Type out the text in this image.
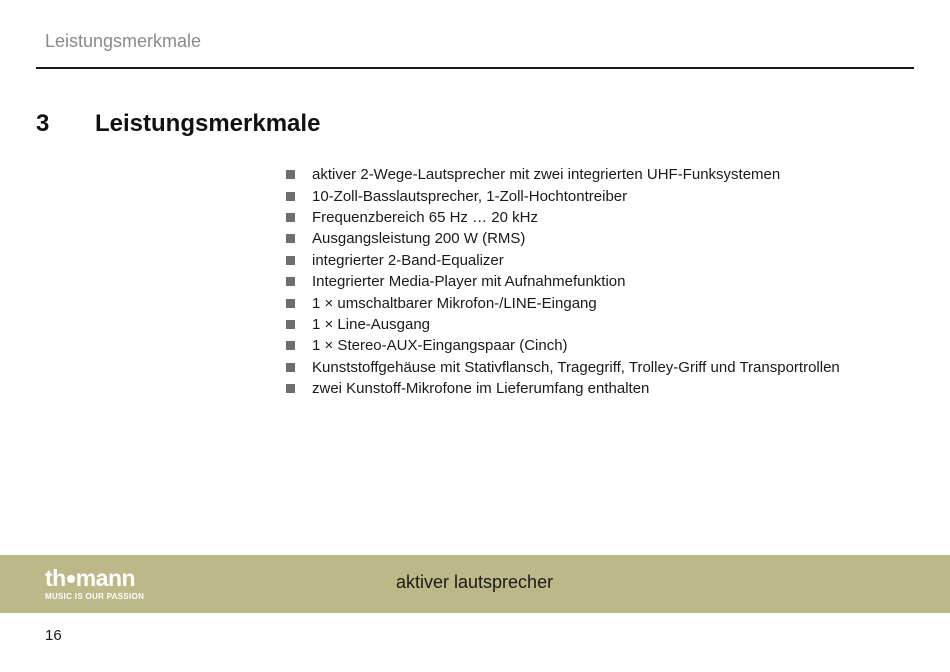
Leistungsmerkmale
3 Leistungsmerkmale
aktiver 2-Wege-Lautsprecher mit zwei integrierten UHF-Funksystemen
10-Zoll-Basslautsprecher, 1-Zoll-Hochtontreiber
Frequenzbereich 65 Hz … 20 kHz
Ausgangsleistung 200 W (RMS)
integrierter 2-Band-Equalizer
Integrierter Media-Player mit Aufnahmefunktion
1 × umschaltbarer Mikrofon-/LINE-Eingang
1 × Line-Ausgang
1 × Stereo-AUX-Eingangspaar (Cinch)
Kunststoffgehäuse mit Stativflansch, Tragegriff, Trolley-Griff und Transportrollen
zwei Kunstoff-Mikrofone im Lieferumfang enthalten
th mann
MUSIC IS OUR PASSION
aktiver lautsprecher
16
